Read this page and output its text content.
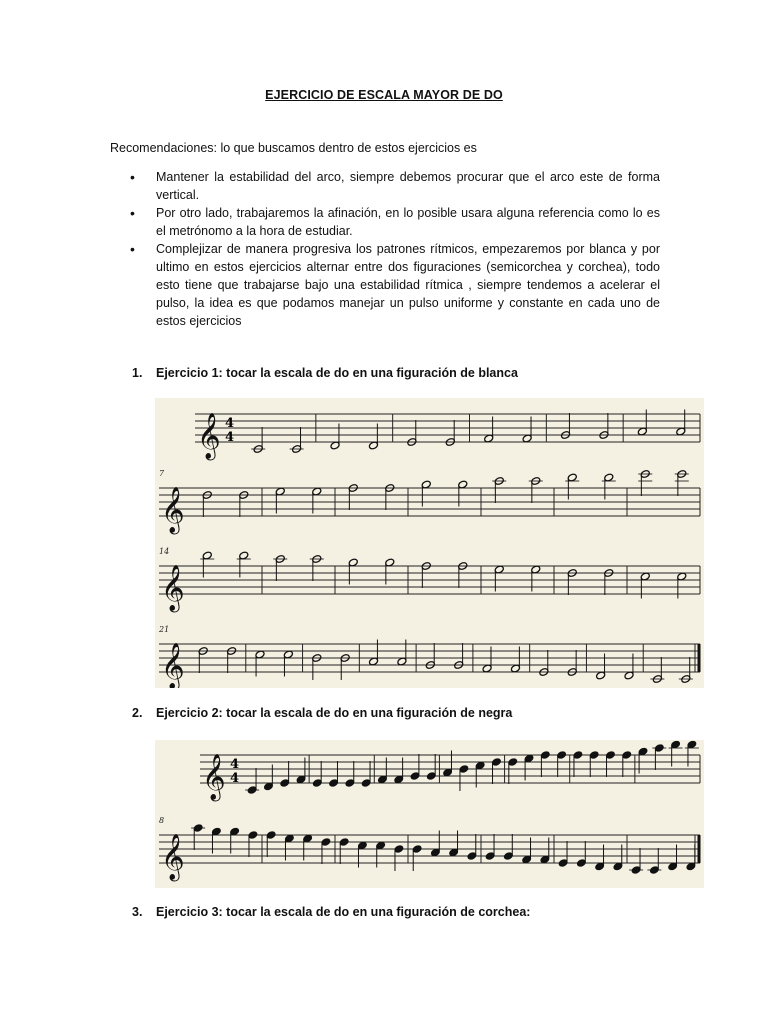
EJERCICIO DE ESCALA MAYOR DE DO
Recomendaciones: lo que buscamos dentro de estos ejercicios es
• Mantener la estabilidad del arco, siempre debemos procurar que el arco este de forma vertical.
• Por otro lado, trabajaremos la afinación, en lo posible usara alguna referencia como lo es el metrónomo a la hora de estudiar.
• Complejizar de manera progresiva los patrones rítmicos, empezaremos por blanca y por ultimo en estos ejercicios alternar entre dos figuraciones (semicorchea y corchea), todo esto tiene que trabajarse bajo una estabilidad rítmica , siempre tendemos a acelerar el pulso, la idea es que podamos manejar un pulso uniforme y constante en cada uno de estos ejercicios
1. Ejercicio 1: tocar la escala de do en una figuración de blanca
𝄞 4
4
𝄞
7
𝄞
14
𝄞
21
2. Ejercicio 2: tocar la escala de do en una figuración de negra
𝄞 4
4
𝄞
8
3. Ejercicio 3: tocar la escala de do en una figuración de corchea:
